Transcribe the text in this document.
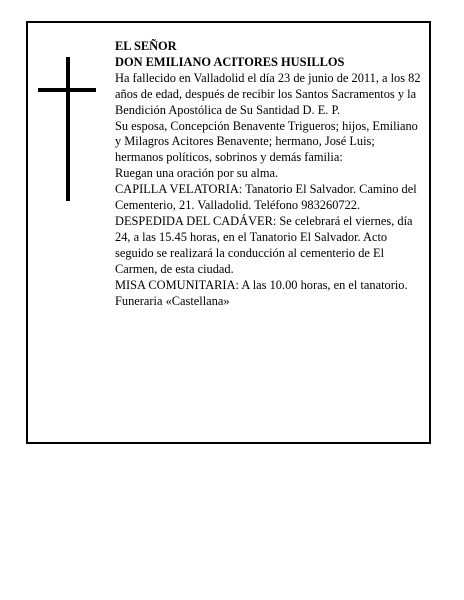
EL SEÑOR

DON EMILIANO ACITORES HUSILLOS

Ha fallecido en Valladolid el día 23 de junio de 2011, a los 82 años de edad, después de recibir los Santos Sacramentos y la Bendición Apostólica de Su Santidad D. E. P.

Su esposa, Concepción Benavente Trigueros; hijos, Emiliano y Milagros Acitores Benavente; hermano, José Luis; hermanos políticos, sobrinos y demás familia:

Ruegan una oración por su alma.

CAPILLA VELATORIA: Tanatorio El Salvador. Camino del Cementerio, 21. Valladolid. Teléfono 983260722.

DESPEDIDA DEL CADÁVER: Se celebrará el viernes, día 24, a las 15.45 horas, en el Tanatorio El Salvador. Acto seguido se realizará la conducción al cementerio de El Carmen, de esta ciudad.

MISA COMUNITARIA: A las 10.00 horas, en el tanatorio.

Funeraria «Castellana»
